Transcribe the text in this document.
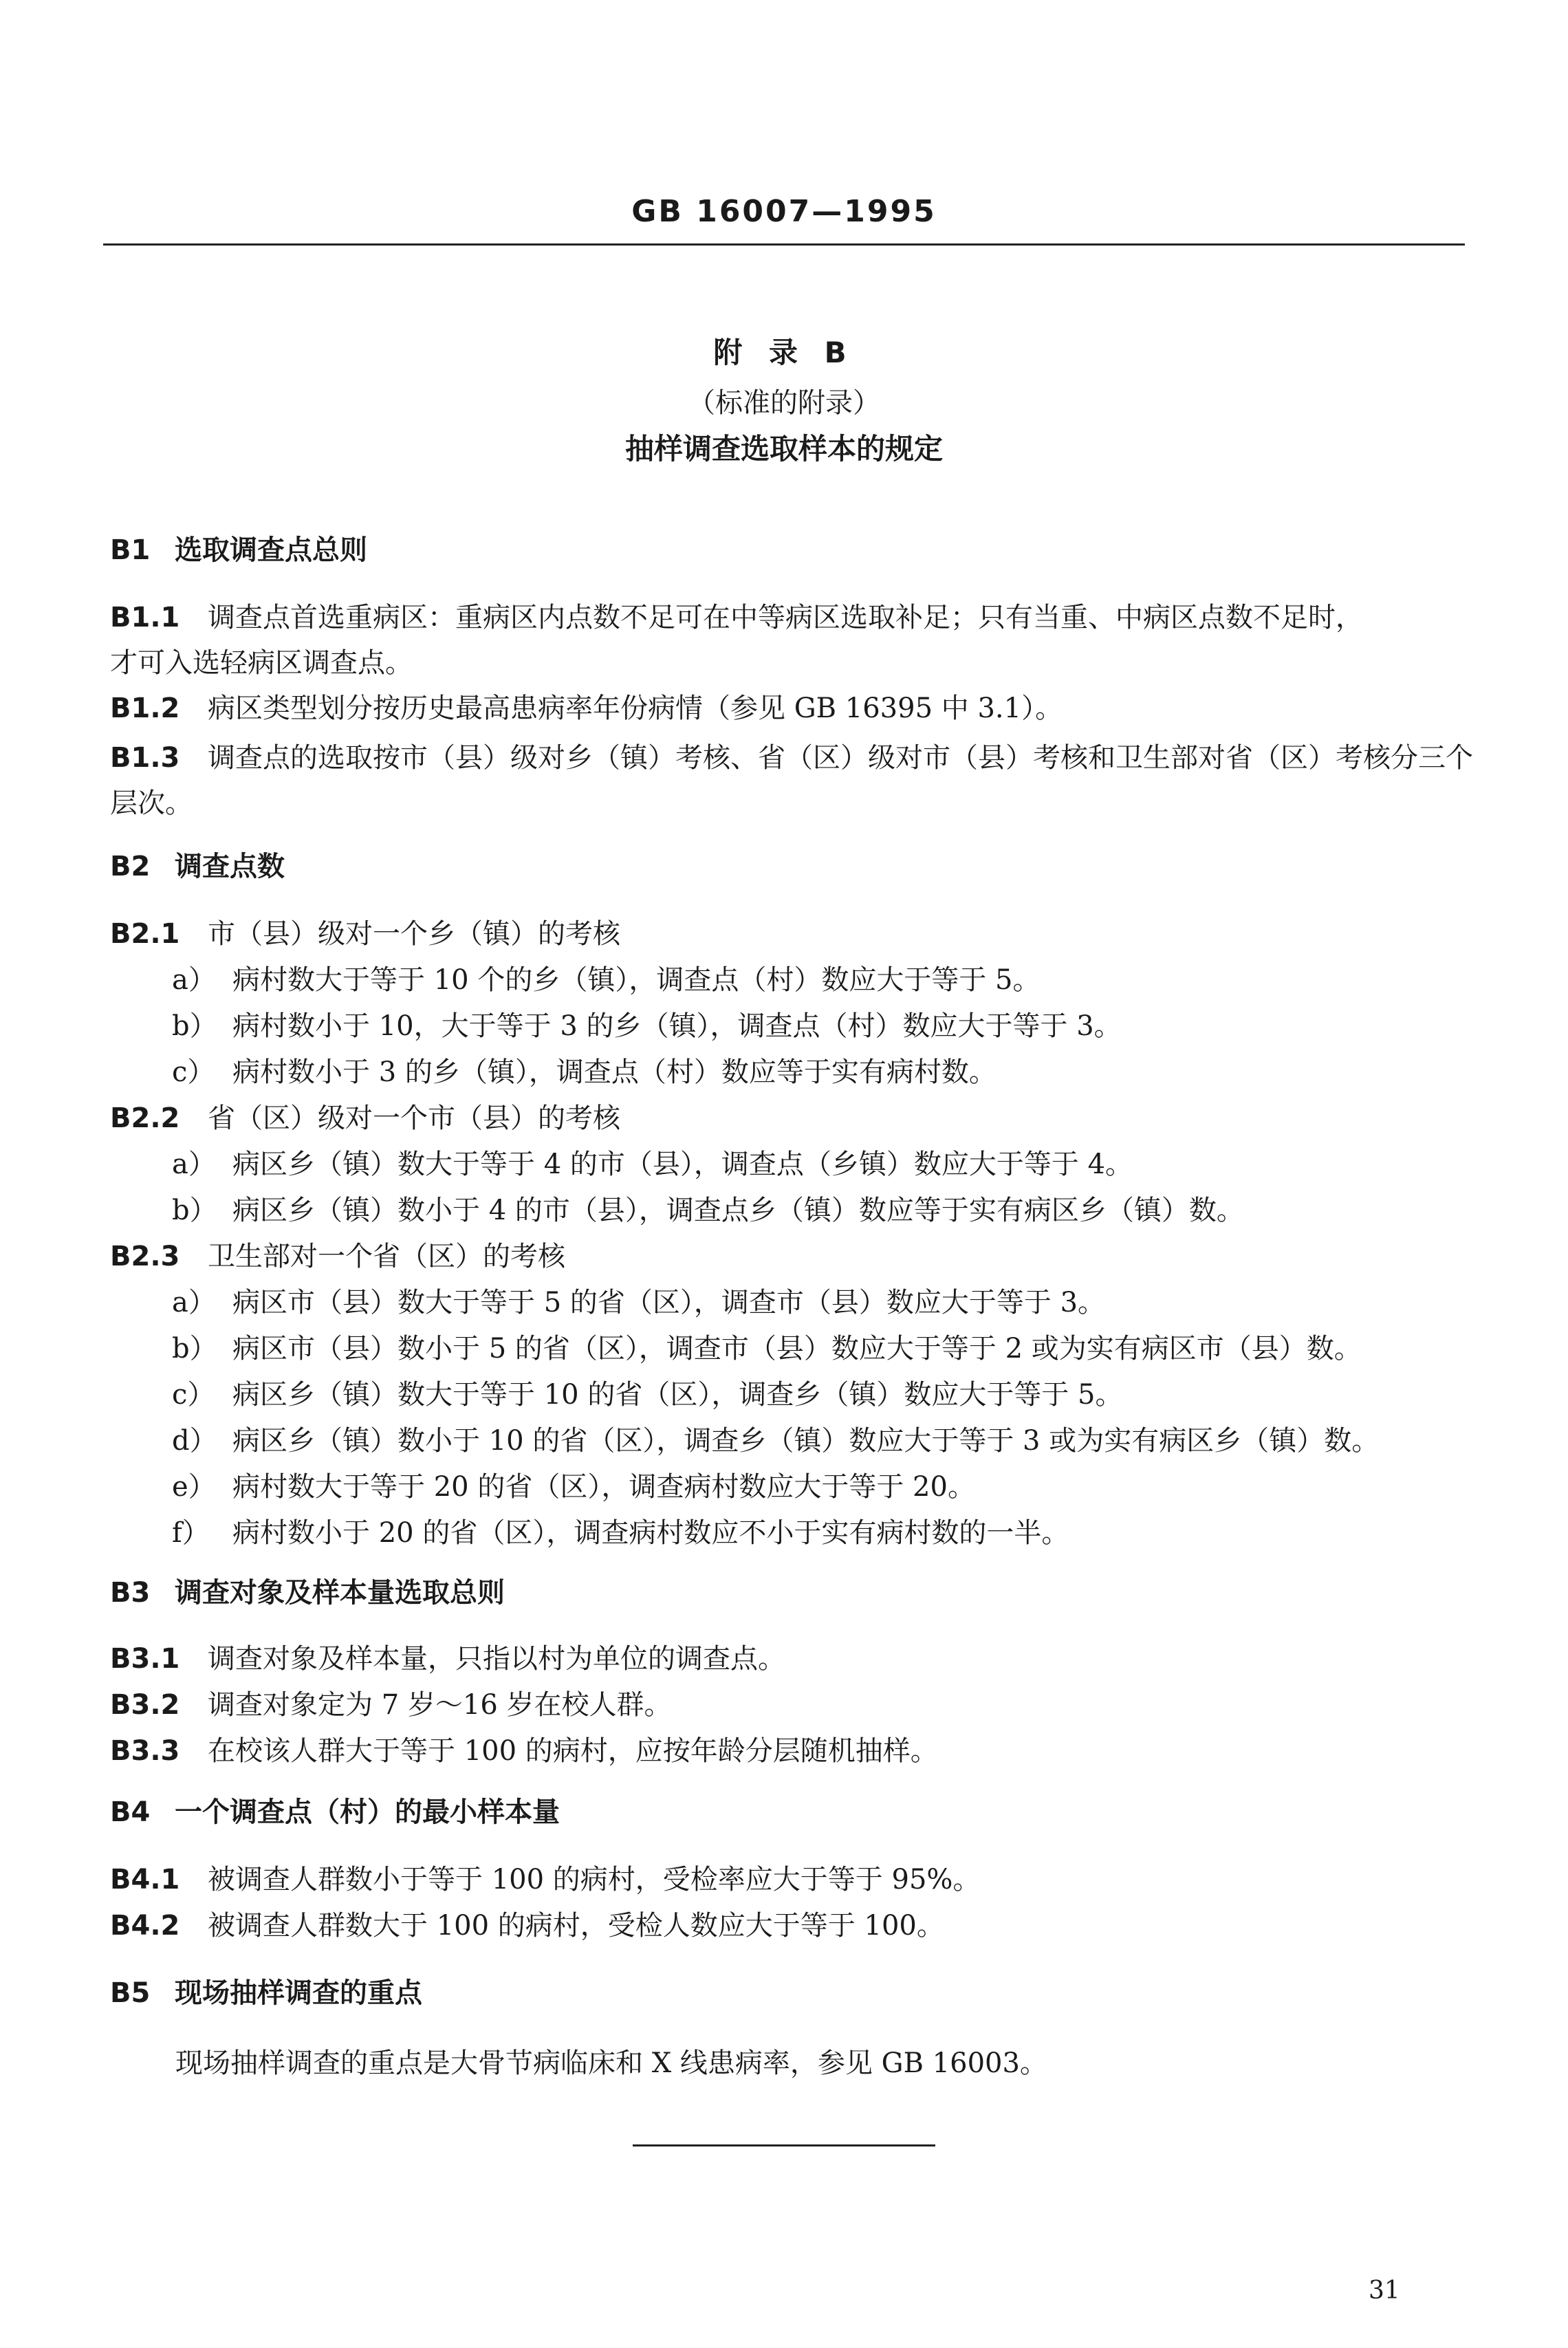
GB 16007—1995
附 录 B
（标准的附录）
抽样调查选取样本的规定
B1 选取调查点总则
B1.1 调查点首选重病区：重病区内点数不足可在中等病区选取补足；只有当重、中病区点数不足时，
才可入选轻病区调查点。
B1.2 病区类型划分按历史最高患病率年份病情（参见 GB 16395 中 3.1）。
B1.3 调查点的选取按市（县）级对乡（镇）考核、省（区）级对市（县）考核和卫生部对省（区）考核分三个
层次。
B2 调查点数
B2.1 市（县）级对一个乡（镇）的考核
a） 病村数大于等于 10 个的乡（镇），调查点（村）数应大于等于 5。
b） 病村数小于 10，大于等于 3 的乡（镇），调查点（村）数应大于等于 3。
c） 病村数小于 3 的乡（镇），调查点（村）数应等于实有病村数。
B2.2 省（区）级对一个市（县）的考核
a） 病区乡（镇）数大于等于 4 的市（县），调查点（乡镇）数应大于等于 4。
b） 病区乡（镇）数小于 4 的市（县），调查点乡（镇）数应等于实有病区乡（镇）数。
B2.3 卫生部对一个省（区）的考核
a） 病区市（县）数大于等于 5 的省（区），调查市（县）数应大于等于 3。
b） 病区市（县）数小于 5 的省（区），调查市（县）数应大于等于 2 或为实有病区市（县）数。
c） 病区乡（镇）数大于等于 10 的省（区），调查乡（镇）数应大于等于 5。
d） 病区乡（镇）数小于 10 的省（区），调查乡（镇）数应大于等于 3 或为实有病区乡（镇）数。
e） 病村数大于等于 20 的省（区），调查病村数应大于等于 20。
f） 病村数小于 20 的省（区），调查病村数应不小于实有病村数的一半。
B3 调查对象及样本量选取总则
B3.1 调查对象及样本量，只指以村为单位的调查点。
B3.2 调查对象定为 7 岁～16 岁在校人群。
B3.3 在校该人群大于等于 100 的病村，应按年龄分层随机抽样。
B4 一个调查点（村）的最小样本量
B4.1 被调查人群数小于等于 100 的病村，受检率应大于等于 95%。
B4.2 被调查人群数大于 100 的病村，受检人数应大于等于 100。
B5 现场抽样调查的重点
现场抽样调查的重点是大骨节病临床和 X 线患病率，参见 GB 16003。
31
